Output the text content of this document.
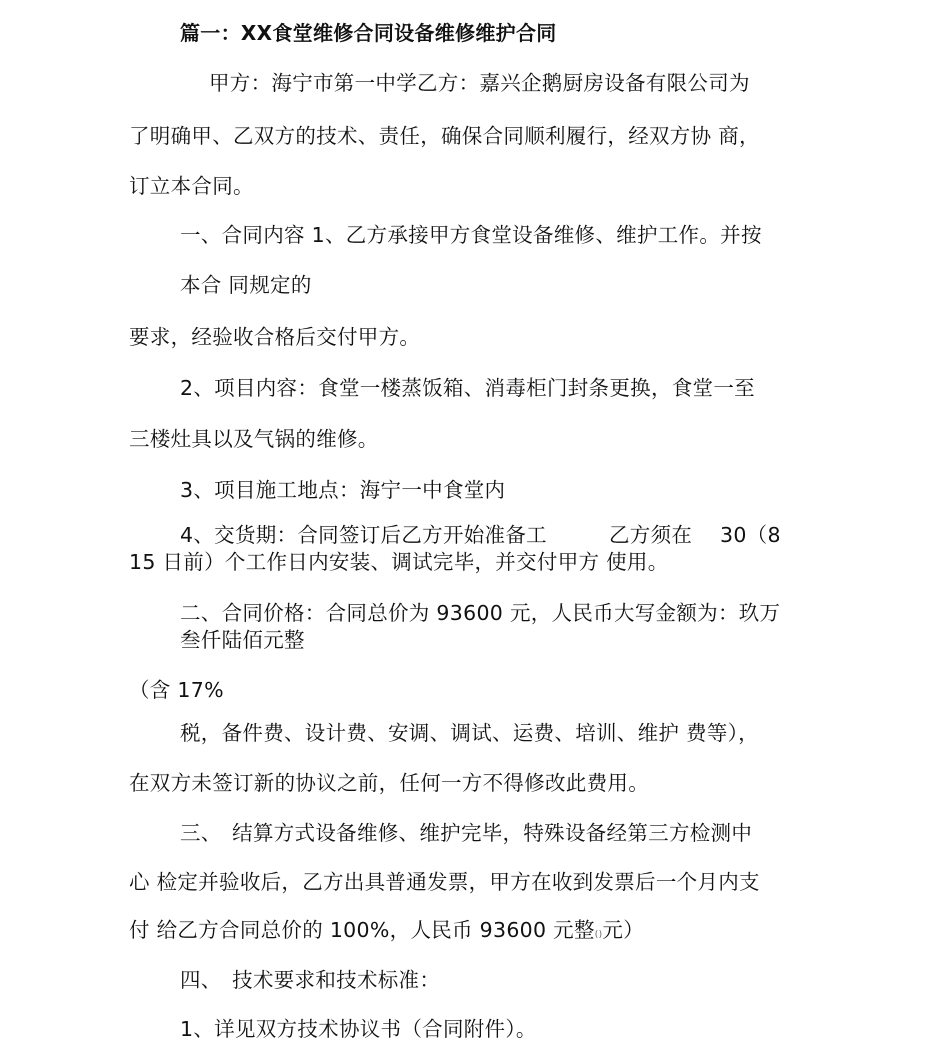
篇一：XX食堂维修合同设备维修维护合同

甲方：海宁市第一中学乙方：嘉兴企鹅厨房设备有限公司为

了明确甲、乙双方的技术、责任，确保合同顺利履行，经双方协 商，

订立本合同。

一、合同内容 1、乙方承接甲方食堂设备维修、维护工作。并按

本合 同规定的

要求，经验收合格后交付甲方。

2、项目内容：食堂一楼蒸饭箱、消毒柜门封条更换，食堂一至

三楼灶具以及气锅的维修。

3、项目施工地点：海宁一中食堂内

4、交货期：合同签订后乙方开始准备工	乙方须在 30（8

15 日前）个工作日内安装、调试完毕，并交付甲方 使用。

二、合同价格：合同总价为 93600 元，人民币大写金额为：玖万

叁仟陆佰元整

（含 17%

税，备件费、设计费、安调、调试、运费、培训、维护 费等），

在双方未签订新的协议之前，任何一方不得修改此费用。

三、　结算方式设备维修、维护完毕，特殊设备经第三方检测中

心 检定并验收后，乙方出具普通发票，甲方在收到发票后一个月内支

付 给乙方合同总价的 100%，人民币 93600 元整()元）

四、　技术要求和技术标准：

1、详见双方技术协议书（合同附件）。
